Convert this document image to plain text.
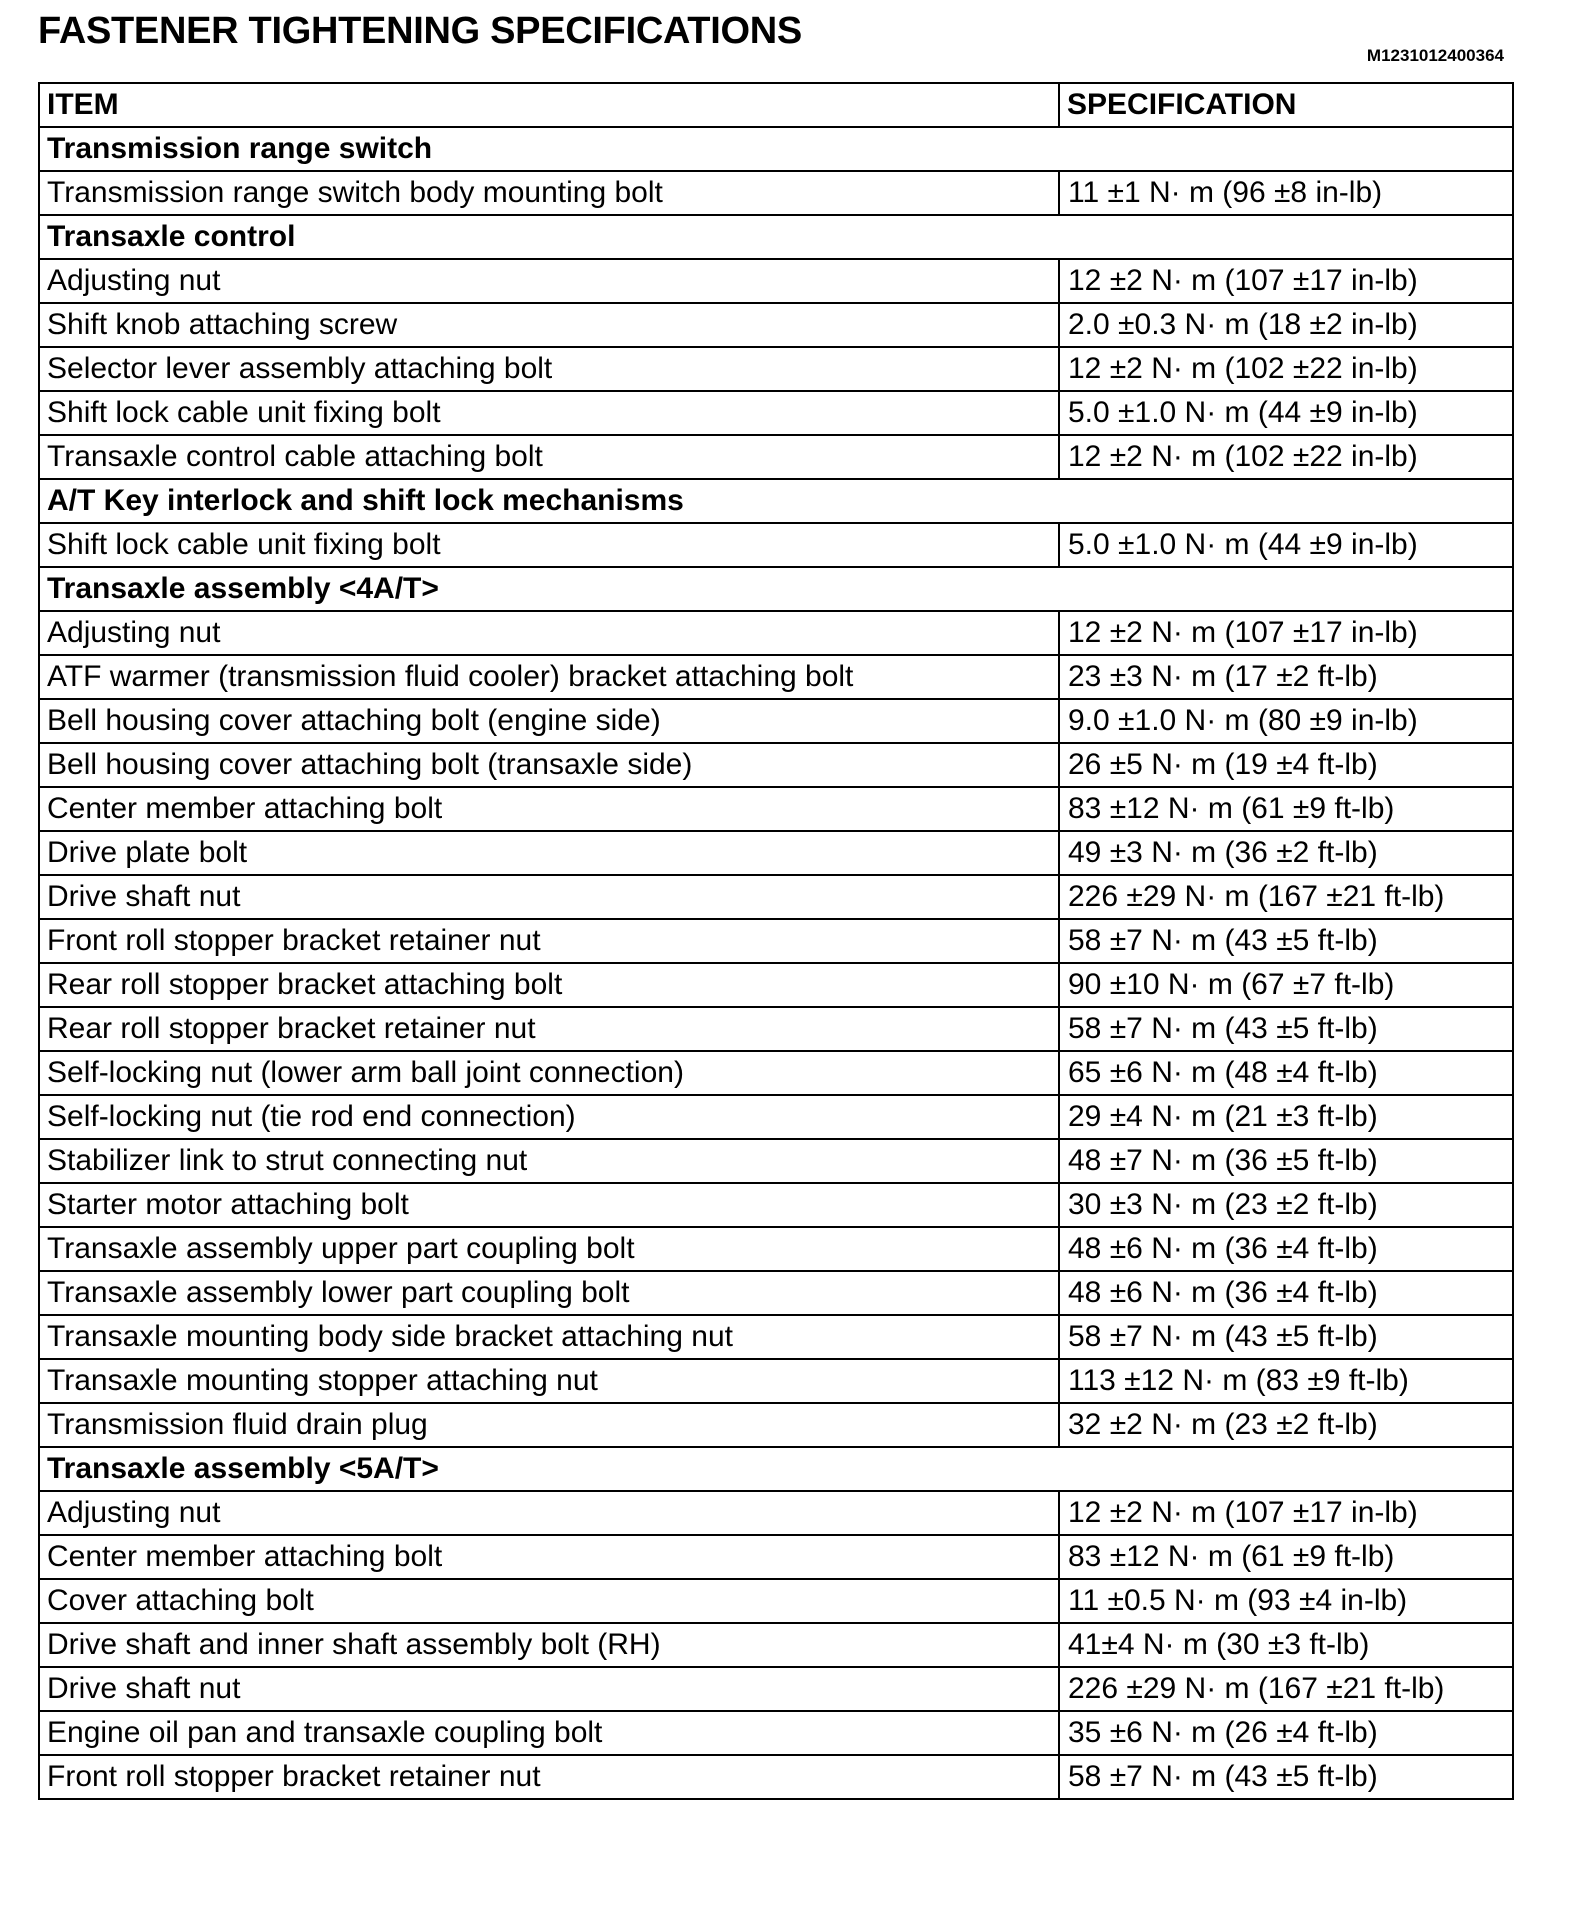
FASTENER TIGHTENING SPECIFICATIONS
M1231012400364
ITEM	SPECIFICATION
Transmission range switch	
Transmission range switch body mounting bolt	11 ±1 N· m (96 ±8 in-lb)
Transaxle control	
Adjusting nut	12 ±2 N· m (107 ±17 in-lb)
Shift knob attaching screw	2.0 ±0.3 N· m (18 ±2 in-lb)
Selector lever assembly attaching bolt	12 ±2 N· m (102 ±22 in-lb)
Shift lock cable unit fixing bolt	5.0 ±1.0 N· m (44 ±9 in-lb)
Transaxle control cable attaching bolt	12 ±2 N· m (102 ±22 in-lb)
A/T Key interlock and shift lock mechanisms	
Shift lock cable unit fixing bolt	5.0 ±1.0 N· m (44 ±9 in-lb)
Transaxle assembly <4A/T>	
Adjusting nut	12 ±2 N· m (107 ±17 in-lb)
ATF warmer (transmission fluid cooler) bracket attaching bolt	23 ±3 N· m (17 ±2 ft-lb)
Bell housing cover attaching bolt (engine side)	9.0 ±1.0 N· m (80 ±9 in-lb)
Bell housing cover attaching bolt (transaxle side)	26 ±5 N· m (19 ±4 ft-lb)
Center member attaching bolt	83 ±12 N· m (61 ±9 ft-lb)
Drive plate bolt	49 ±3 N· m (36 ±2 ft-lb)
Drive shaft nut	226 ±29 N· m (167 ±21 ft-lb)
Front roll stopper bracket retainer nut	58 ±7 N· m (43 ±5 ft-lb)
Rear roll stopper bracket attaching bolt	90 ±10 N· m (67 ±7 ft-lb)
Rear roll stopper bracket retainer nut	58 ±7 N· m (43 ±5 ft-lb)
Self-locking nut (lower arm ball joint connection)	65 ±6 N· m (48 ±4 ft-lb)
Self-locking nut (tie rod end connection)	29 ±4 N· m (21 ±3 ft-lb)
Stabilizer link to strut connecting nut	48 ±7 N· m (36 ±5 ft-lb)
Starter motor attaching bolt	30 ±3 N· m (23 ±2 ft-lb)
Transaxle assembly upper part coupling bolt	48 ±6 N· m (36 ±4 ft-lb)
Transaxle assembly lower part coupling bolt	48 ±6 N· m (36 ±4 ft-lb)
Transaxle mounting body side bracket attaching nut	58 ±7 N· m (43 ±5 ft-lb)
Transaxle mounting stopper attaching nut	113 ±12 N· m (83 ±9 ft-lb)
Transmission fluid drain plug	32 ±2 N· m (23 ±2 ft-lb)
Transaxle assembly <5A/T>	
Adjusting nut	12 ±2 N· m (107 ±17 in-lb)
Center member attaching bolt	83 ±12 N· m (61 ±9 ft-lb)
Cover attaching bolt	11 ±0.5 N· m (93 ±4 in-lb)
Drive shaft and inner shaft assembly bolt (RH)	41±4 N· m (30 ±3 ft-lb)
Drive shaft nut	226 ±29 N· m (167 ±21 ft-lb)
Engine oil pan and transaxle coupling bolt	35 ±6 N· m (26 ±4 ft-lb)
Front roll stopper bracket retainer nut	58 ±7 N· m (43 ±5 ft-lb)
